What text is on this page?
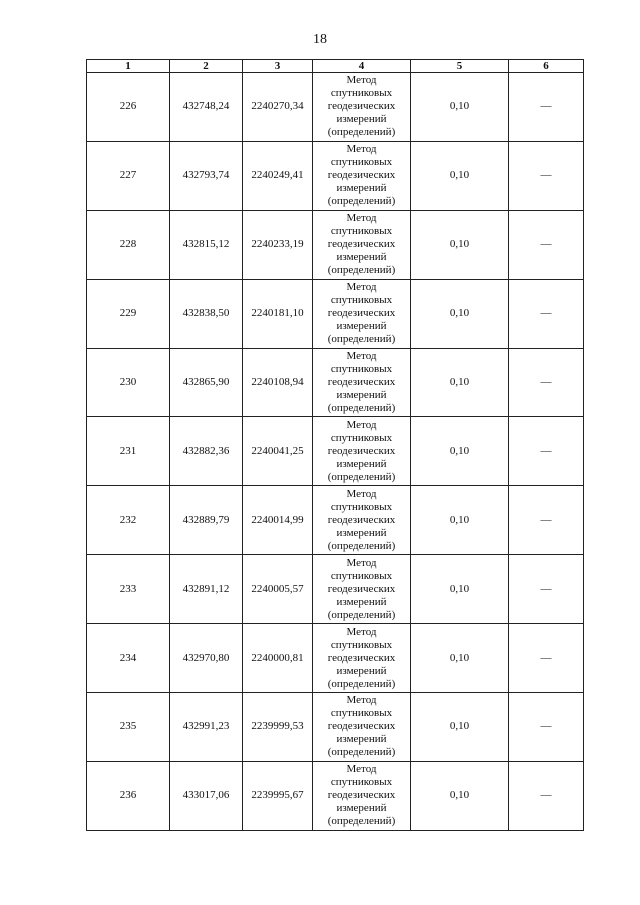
18
1	2	3	4	5	6
226	432748,24	2240270,34	Метод
спутниковых
геодезических
измерений
(определений)	0,10	—
227	432793,74	2240249,41	Метод
спутниковых
геодезических
измерений
(определений)	0,10	—
228	432815,12	2240233,19	Метод
спутниковых
геодезических
измерений
(определений)	0,10	—
229	432838,50	2240181,10	Метод
спутниковых
геодезических
измерений
(определений)	0,10	—
230	432865,90	2240108,94	Метод
спутниковых
геодезических
измерений
(определений)	0,10	—
231	432882,36	2240041,25	Метод
спутниковых
геодезических
измерений
(определений)	0,10	—
232	432889,79	2240014,99	Метод
спутниковых
геодезических
измерений
(определений)	0,10	—
233	432891,12	2240005,57	Метод
спутниковых
геодезических
измерений
(определений)	0,10	—
234	432970,80	2240000,81	Метод
спутниковых
геодезических
измерений
(определений)	0,10	—
235	432991,23	2239999,53	Метод
спутниковых
геодезических
измерений
(определений)	0,10	—
236	433017,06	2239995,67	Метод
спутниковых
геодезических
измерений
(определений)	0,10	—
